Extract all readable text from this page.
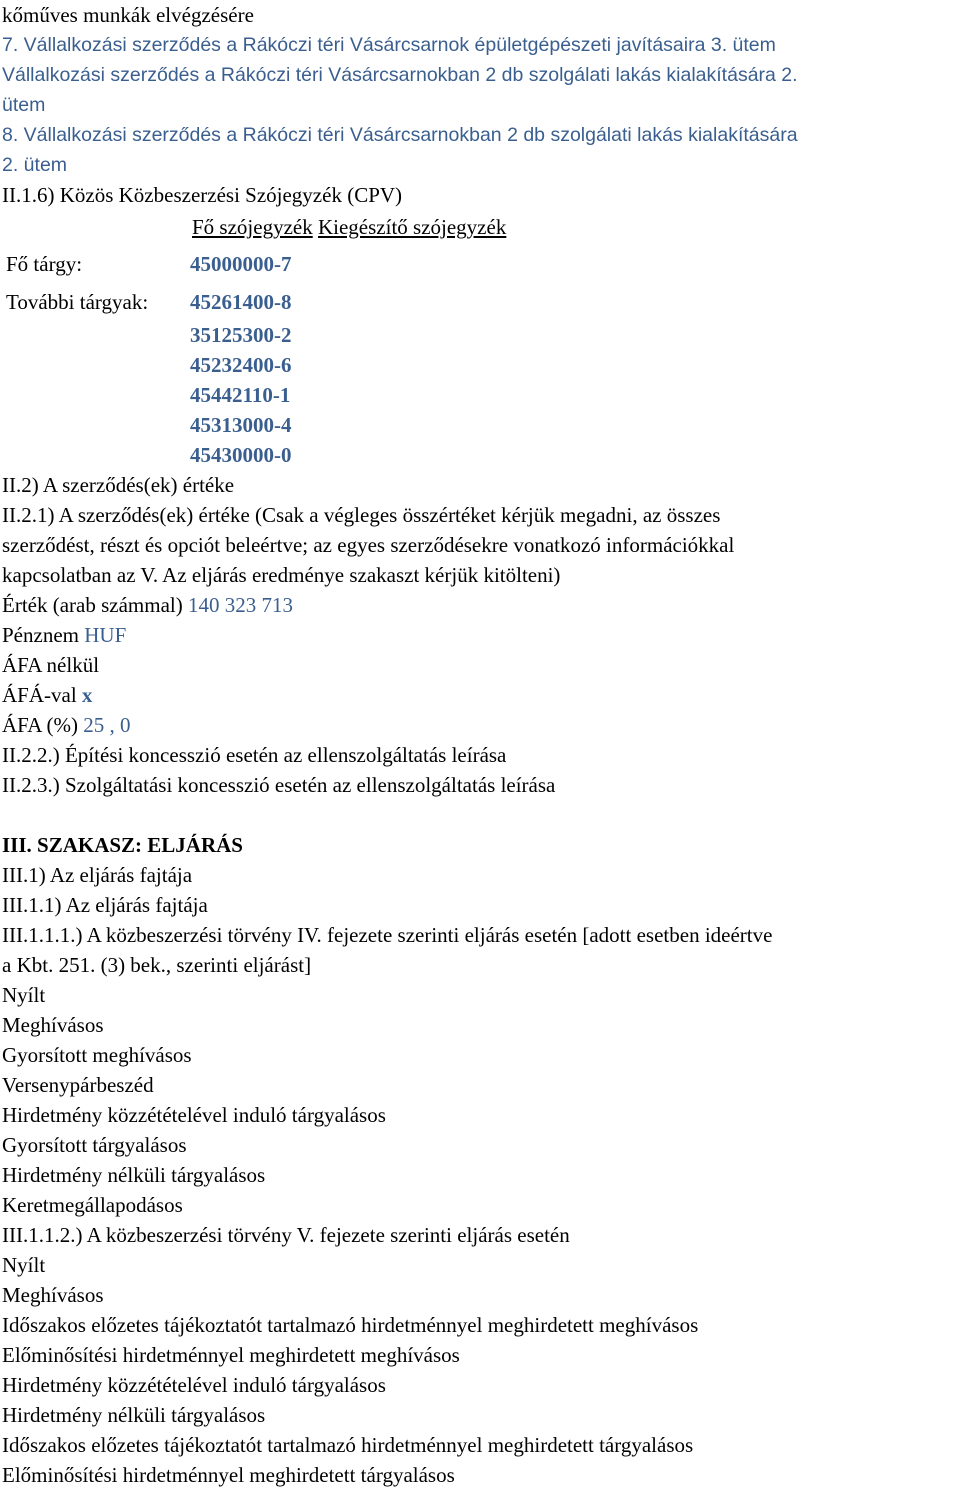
kőműves munkák elvégzésére
7. Vállalkozási szerződés a Rákóczi téri Vásárcsarnok épületgépészeti javításaira 3. ütem
Vállalkozási szerződés a Rákóczi téri Vásárcsarnokban 2 db szolgálati lakás kialakítására 2.
ütem
8. Vállalkozási szerződés a Rákóczi téri Vásárcsarnokban 2 db szolgálati lakás kialakítására
2. ütem
II.1.6) Közös Közbeszerzési Szójegyzék (CPV)
Fő szójegyzék Kiegészítő szójegyzék
Fő tárgy:	45000000-7
További tárgyak:	45261400-8
35125300-2
45232400-6
45442110-1
45313000-4
45430000-0
II.2) A szerződés(ek) értéke
II.2.1) A szerződés(ek) értéke (Csak a végleges összértéket kérjük megadni, az összes
szerződést, részt és opciót beleértve; az egyes szerződésekre vonatkozó információkkal
kapcsolatban az V. Az eljárás eredménye szakaszt kérjük kitölteni)
Érték (arab számmal) 140 323 713
Pénznem HUF
ÁFA nélkül
ÁFÁ-val x
ÁFA (%) 25 , 0
II.2.2.) Építési koncesszió esetén az ellenszolgáltatás leírása
II.2.3.) Szolgáltatási koncesszió esetén az ellenszolgáltatás leírása
III. SZAKASZ: ELJÁRÁS
III.1) Az eljárás fajtája
III.1.1) Az eljárás fajtája
III.1.1.1.) A közbeszerzési törvény IV. fejezete szerinti eljárás esetén [adott esetben ideértve
a Kbt. 251. (3) bek., szerinti eljárást]
Nyílt
Meghívásos
Gyorsított meghívásos
Versenypárbeszéd
Hirdetmény közzétételével induló tárgyalásos
Gyorsított tárgyalásos
Hirdetmény nélküli tárgyalásos
Keretmegállapodásos
III.1.1.2.) A közbeszerzési törvény V. fejezete szerinti eljárás esetén
Nyílt
Meghívásos
Időszakos előzetes tájékoztatót tartalmazó hirdetménnyel meghirdetett meghívásos
Előminősítési hirdetménnyel meghirdetett meghívásos
Hirdetmény közzétételével induló tárgyalásos
Hirdetmény nélküli tárgyalásos
Időszakos előzetes tájékoztatót tartalmazó hirdetménnyel meghirdetett tárgyalásos
Előminősítési hirdetménnyel meghirdetett tárgyalásos
